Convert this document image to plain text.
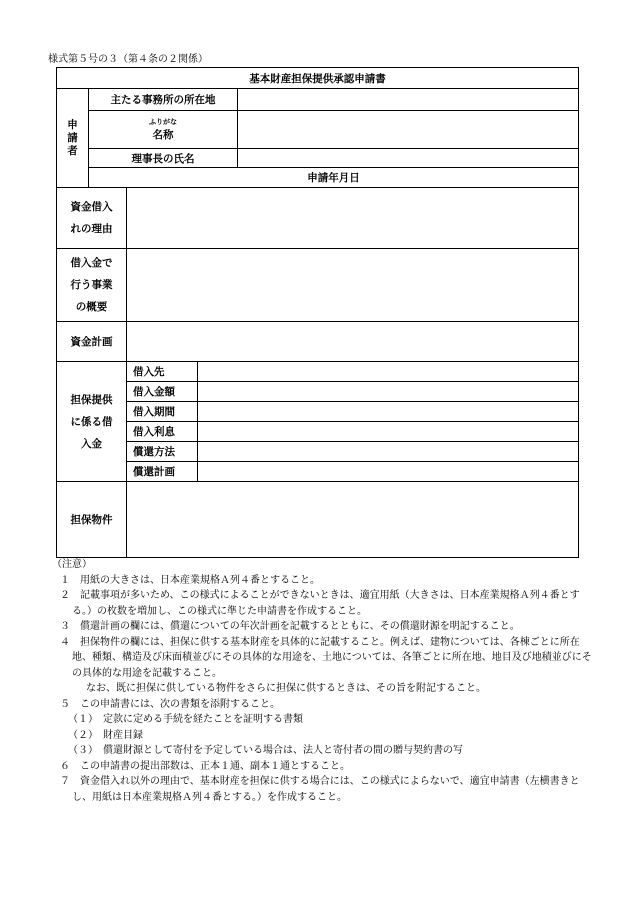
様式第５号の３（第４条の２関係）
基本財産担保提供承認申請書					

申
請
者	主たる事務所の所在地				

	ふりがな
名称				
	理事長の氏名				
	申請年月日				

資金借入
れの理由					

借入金で
行う事業
の概要					

資金計画					

担保提供
に係る借
入金		借入先			
		借入金額			
		借入期間			
		借入利息			
		償還方法			
		償還計画			
担保物件					

（注意）

１　用紙の大きさは、日本産業規格Ａ列４番とすること。

２　記載事項が多いため、この様式によることができないときは、適宜用紙（大きさは、日本産業規格Ａ列４番とする。）の枚数を増加し、この様式に準じた申請書を作成すること。

３　償還計画の欄には、償還についての年次計画を記載するとともに、その償還財源を明記すること。

４　担保物件の欄には、担保に供する基本財産を具体的に記載すること。例えば、建物については、各棟ごとに所在地、種類、構造及び床面積並びにその具体的な用途を、土地については、各筆ごとに所在地、地目及び地積並びにその具体的な用途を記載すること。

なお、既に担保に供している物件をさらに担保に供するときは、その旨を附記すること。

５　この申請書には、次の書類を添附すること。

（１）　定款に定める手続を経たことを証明する書類

（２）　財産目録

（３）　償還財源として寄付を予定している場合は、法人と寄付者の間の贈与契約書の写

６　この申請書の提出部数は、正本１通、副本１通とすること。

７　資金借入れ以外の理由で、基本財産を担保に供する場合には、この様式によらないで、適宜申請書（左横書きとし、用紙は日本産業規格Ａ列４番とする。）を作成すること。
